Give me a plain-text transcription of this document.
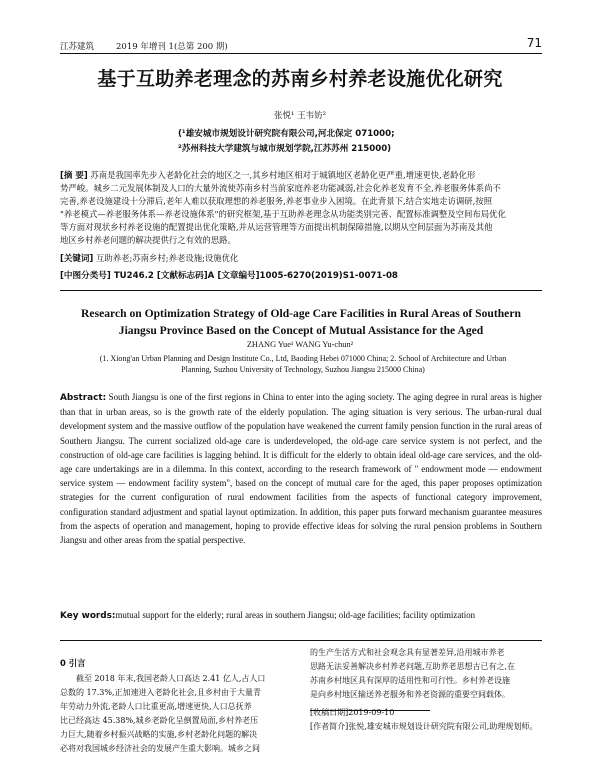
江苏建筑	2019 年增刊 1(总第 200 期)	71
基于互助养老理念的苏南乡村养老设施优化研究
张悦¹ 王韦钫²
(¹雄安城市规划设计研究院有限公司,河北保定 071000;
²苏州科技大学建筑与城市规划学院,江苏苏州 215000)
[摘 要] 苏南是我国率先步入老龄化社会的地区之一,其乡村地区相对于城镇地区老龄化更严重,增速更快,老龄化形
势严峻。城乡二元发展体制及人口的大量外流使苏南乡村当前家庭养老功能减弱,社会化养老发育不全,养老服务体系尚不
完善,养老设施建设十分滞后,老年人难以获取理想的养老服务,养老事业步入困境。在此背景下,结合实地走访调研,按照
"养老模式—养老服务体系—养老设施体系"的研究框架,基于互助养老理念从功能类别完善、配置标准调整及空间布局优化
等方面对现状乡村养老设施的配置提出优化策略,并从运营管理等方面提出机制保障措施,以期从空间层面为苏南及其他
地区乡村养老问题的解决提供行之有效的思路。
[关键词] 互助养老;苏南乡村;养老设施;设施优化
[中图分类号] TU246.2 [文献标志码]A [文章编号]1005-6270(2019)S1-0071-08
Research on Optimization Strategy of Old-age Care Facilities in Rural Areas of Southern
Jiangsu Province Based on the Concept of Mutual Assistance for the Aged
ZHANG Yue¹ WANG Yu-chun²
(1. Xiong'an Urban Planning and Design Institute Co., Ltd, Baoding Hebei 071000 China; 2. School of Architecture and Urban
Planning, Suzhou University of Technology, Suzhou Jiangsu 215000 China)
Abstract: South Jiangsu is one of the first regions in China to enter into the aging society. The aging degree in rural areas is higher than that in urban areas, so is the growth rate of the elderly population. The aging situation is very serious. The urban-rural dual development system and the massive outflow of the population have weakened the current family pension function in the rural areas of Southern Jiangsu. The current socialized old-age care is underdeveloped, the old-age care service system is not perfect, and the construction of old-age care facilities is lagging behind. It is difficult for the elderly to obtain ideal old-age care services, and the old-age care undertakings are in a dilemma. In this context, according to the research framework of " endowment mode — endowment service system — endowment facility system", based on the concept of mutual care for the aged, this paper proposes optimization strategies for the current configuration of rural endowment facilities from the aspects of functional category improvement, configuration standard adjustment and spatial layout optimization. In addition, this paper puts forward mechanism guarantee measures from the aspects of operation and management, hoping to provide effective ideas for solving the rural pension problems in Southern Jiangsu and other areas from the spatial perspective.
Key words:mutual support for the elderly; rural areas in southern Jiangsu; old-age facilities; facility optimization
0 引言
截至 2018 年末,我国老龄人口高达 2.41 亿人,占人口
总数的 17.3%,正加速进入老龄化社会,且乡村由于大量青
年劳动力外流,老龄人口比重更高,增速更快,人口总抚养
比已经高达 45.38%,城乡老龄化呈倒置局面,乡村养老压
力巨大,随着乡村振兴战略的实施,乡村老龄化问题的解决
必将对我国城乡经济社会的发展产生重大影响。城乡之间
的生产生活方式和社会观念具有显著差异,沿用城市养老
思路无法妥善解决乡村养老问题,互助养老思想古已有之,在
苏南乡村地区具有深厚的适用性和可行性。乡村养老设施
是向乡村地区输送养老服务和养老资源的重要空间载体。
[收稿日期]2019-09-10
[作者简介]张悦,雄安城市规划设计研究院有限公司,助理规划师。
